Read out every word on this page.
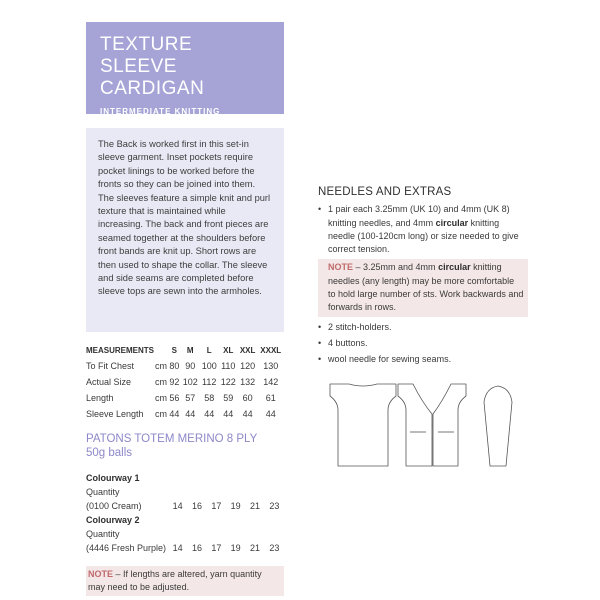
TEXTURE SLEEVE
CARDIGAN
INTERMEDIATE KNITTING
The Back is worked first in this set-in sleeve garment. Inset pockets require pocket linings to be worked before the fronts so they can be joined into them. The sleeves feature a simple knit and purl texture that is maintained while increasing. The back and front pieces are seamed together at the shoulders before front bands are knit up. Short rows are then used to shape the collar. The sleeve and side seams are completed before sleeve tops are sewn into the armholes.
MEASUREMENTS		S	M	L	XL	XXL	XXXL
To Fit Chest	cm	80	90	100	110	120	130
Actual Size	cm	92	102	112	122	132	142
Length	cm	56	57	58	59	60	61
Sleeve Length	cm	44	44	44	44	44	44
PATONS TOTEM MERINO 8 PLY
50g balls
Colourway 1						
Quantity						
(0100 Cream)	14	16	17	19	21	23
Colourway 2						
Quantity						
(4446 Fresh Purple)	14	16	17	19	21	23
NOTE – If lengths are altered, yarn quantity may need to be adjusted.
NEEDLES AND EXTRAS
• 1 pair each 3.25mm (UK 10) and 4mm (UK 8) knitting needles, and 4mm circular knitting needle (100-120cm long) or size needed to give correct tension.
NOTE – 3.25mm and 4mm circular knitting needles (any length) may be more comfortable to hold large number of sts. Work backwards and forwards in rows.
• 2 stitch-holders.
• 4 buttons.
• wool needle for sewing seams.
